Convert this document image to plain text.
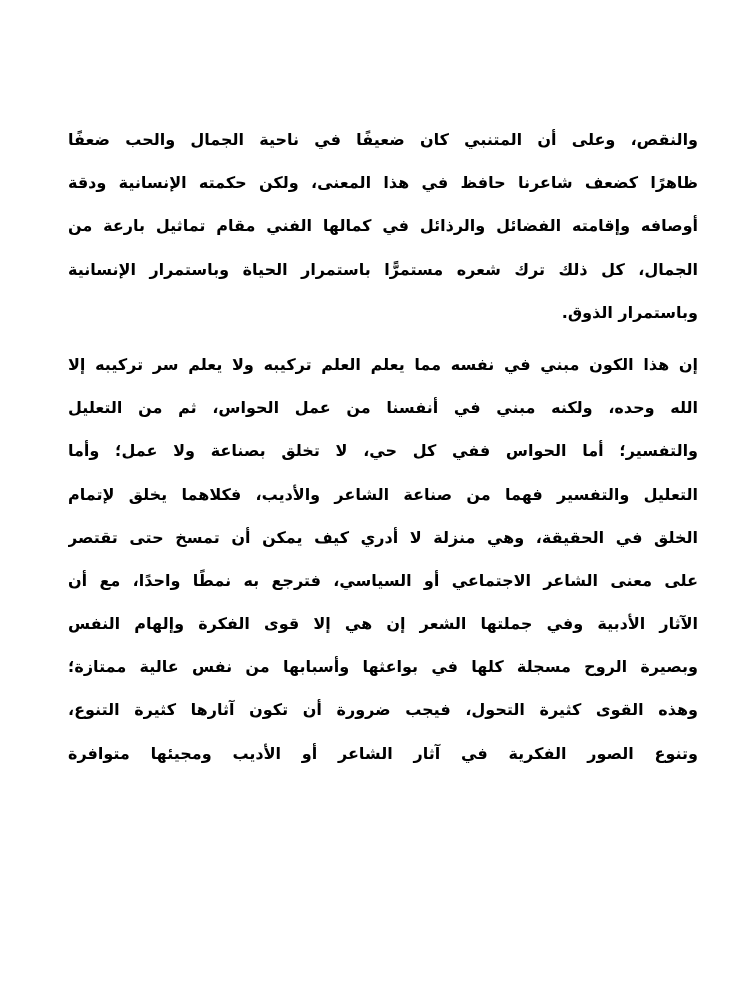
والنقص، وعلى أن المتنبي كان ضعيفًا في ناحية الجمال والحب ضعفًا
ظاهرًا كضعف شاعرنا حافظ في هذا المعنى، ولكن حكمته الإنسانية ودقة
أوصافه وإقامته الفضائل والرذائل في كمالها الفني مقام تماثيل بارعة من
الجمال، كل ذلك ترك شعره مستمرًّا باستمرار الحياة وباستمرار الإنسانية
وباستمرار الذوق.
إن هذا الكون مبني في نفسه مما يعلم العلم تركيبه ولا يعلم سر تركيبه إلا
الله وحده، ولكنه مبني في أنفسنا من عمل الحواس، ثم من التعليل
والتفسير؛ أما الحواس ففي كل حي، لا تخلق بصناعة ولا عمل؛ وأما
التعليل والتفسير فهما من صناعة الشاعر والأديب، فكلاهما يخلق لإتمام
الخلق في الحقيقة، وهي منزلة لا أدري كيف يمكن أن تمسخ حتى تقتصر
على معنى الشاعر الاجتماعي أو السياسي، فترجع به نمطًا واحدًا، مع أن
الآثار الأدبية وفي جملتها الشعر إن هي إلا قوى الفكرة وإلهام النفس
وبصيرة الروح مسجلة كلها في بواعثها وأسبابها من نفس عالية ممتازة؛
وهذه القوى كثيرة التحول، فيجب ضرورة أن تكون آثارها كثيرة التنوع،
وتنوع الصور الفكرية في آثار الشاعر أو الأديب ومجيئها متوافرة
